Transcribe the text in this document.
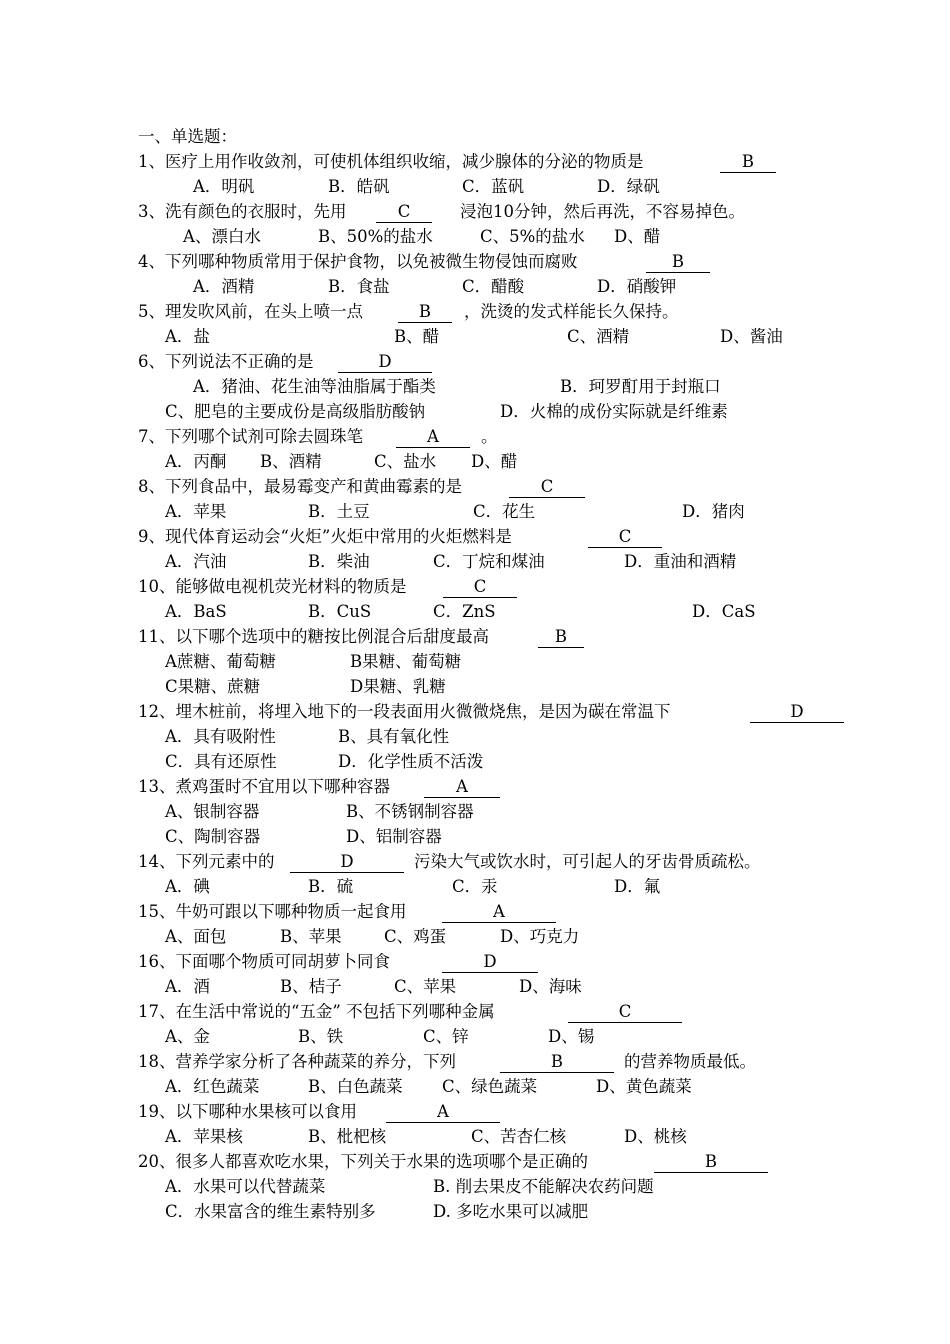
一、单选题：
1、医疗上用作收敛剂，可使机体组织收缩，减少腺体的分泌的物质是	B
A．明矾	B．皓矾	C．蓝矾	D．绿矾
3、洗有颜色的衣服时，先用	C	浸泡10分钟，然后再洗，不容易掉色。
A、漂白水	B、50%的盐水	C、5%的盐水 D、醋
4、下列哪种物质常用于保护食物，以免被微生物侵蚀而腐败	B
A．酒精	B．食盐	C．醋酸	D．硝酸钾
5、理发吹风前，在头上喷一点	B	，洗烫的发式样能长久保持。
A．盐	B、醋	C、酒精	D、酱油
6、下列说法不正确的是	D
A．猪油、花生油等油脂属于酯类	B．珂罗酊用于封瓶口
C、肥皂的主要成份是高级脂肪酸钠	D．火棉的成份实际就是纤维素
7、下列哪个试剂可除去圆珠笔	A	。
A．丙酮 B、酒精	C、盐水 D、醋
8、下列食品中，最易霉变产和黄曲霉素的是	C
A．苹果	B．土豆	C．花生	D．猪肉
9、现代体育运动会“火炬”火炬中常用的火炬燃料是	C
A．汽油	B．柴油	C．丁烷和煤油	D．重油和酒精
10、能够做电视机荧光材料的物质是	C
A．BaS	B．CuS	C．ZnS	D．CaS
11、以下哪个选项中的糖按比例混合后甜度最高	B
A蔗糖、葡萄糖	B果糖、葡萄糖
C果糖、蔗糖	D果糖、乳糖
12、埋木桩前，将埋入地下的一段表面用火微微烧焦，是因为碳在常温下	D
A．具有吸附性	B、具有氧化性
C．具有还原性	D．化学性质不活泼
13、煮鸡蛋时不宜用以下哪种容器	A
A、银制容器	B、不锈钢制容器
C、陶制容器	D、铝制容器
14、下列元素中的	D	污染大气或饮水时，可引起人的牙齿骨质疏松。
A．碘	B．硫	C．汞	D．氟
15、牛奶可跟以下哪种物质一起食用	A
A、面包	B、苹果	C、鸡蛋	D、巧克力
16、下面哪个物质可同胡萝卜同食	D
A．酒	B、桔子	C、苹果	D、海味
17、在生活中常说的“五金” 不包括下列哪种金属	C
A、金	B、铁	C、锌	D、锡
18、营养学家分析了各种蔬菜的养分，下列	B	的营养物质最低。
A．红色蔬菜	B、白色蔬菜 C、绿色蔬菜	D、黄色蔬菜
19、以下哪种水果核可以食用	A
A．苹果核	B、枇杷核	C、苦杏仁核	D、桃核
20、很多人都喜欢吃水果，下列关于水果的选项哪个是正确的	B
A．水果可以代替蔬菜	B. 削去果皮不能解决农药问题
C．水果富含的维生素特别多	D. 多吃水果可以减肥
